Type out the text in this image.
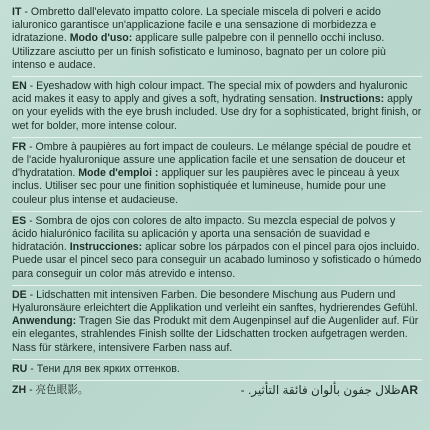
IT - Ombretto dall'elevato impatto colore. La speciale miscela di polveri e acido ialuronico garantisce un'applicazione facile e una sensazione di morbidezza e idratazione. Modo d'uso: applicare sulle palpebre con il pennello occhi incluso. Utilizzare asciutto per un finish sofisticato e luminoso, bagnato per un colore più intenso e audace.

EN - Eyeshadow with high colour impact. The special mix of powders and hyaluronic acid makes it easy to apply and gives a soft, hydrating sensation. Instructions: apply on your eyelids with the eye brush included. Use dry for a sophisticated, bright finish, or wet for bolder, more intense colour.

FR - Ombre à paupières au fort impact de couleurs. Le mélange spécial de poudre et de l'acide hyaluronique assure une application facile et une sensation de douceur et d'hydratation. Mode d'emploi : appliquer sur les paupières avec le pinceau à yeux inclus. Utiliser sec pour une finition sophistiquée et lumineuse, humide pour une couleur plus intense et audacieuse.

ES - Sombra de ojos con colores de alto impacto. Su mezcla especial de polvos y ácido hialurónico facilita su aplicación y aporta una sensación de suavidad e hidratación. Instrucciones: aplicar sobre los párpados con el pincel para ojos incluido. Puede usar el pincel seco para conseguir un acabado luminoso y sofisticado o húmedo para conseguir un color más atrevido e intenso.

DE - Lidschatten mit intensiven Farben. Die besondere Mischung aus Pudern und Hyaluronsäure erleichtert die Applikation und verleiht ein sanftes, hydrierendes Gefühl. Anwendung: Tragen Sie das Produkt mit dem Augenpinsel auf die Augenlider auf. Für ein elegantes, strahlendes Finish sollte der Lidschatten trocken aufgetragen werden. Nass für stärkere, intensivere Farben nass auf.

RU - Тени для век ярких оттенков.

ZH - 亮色眼影。	ARظلال جفون بألوان فائقة التأثير. -
